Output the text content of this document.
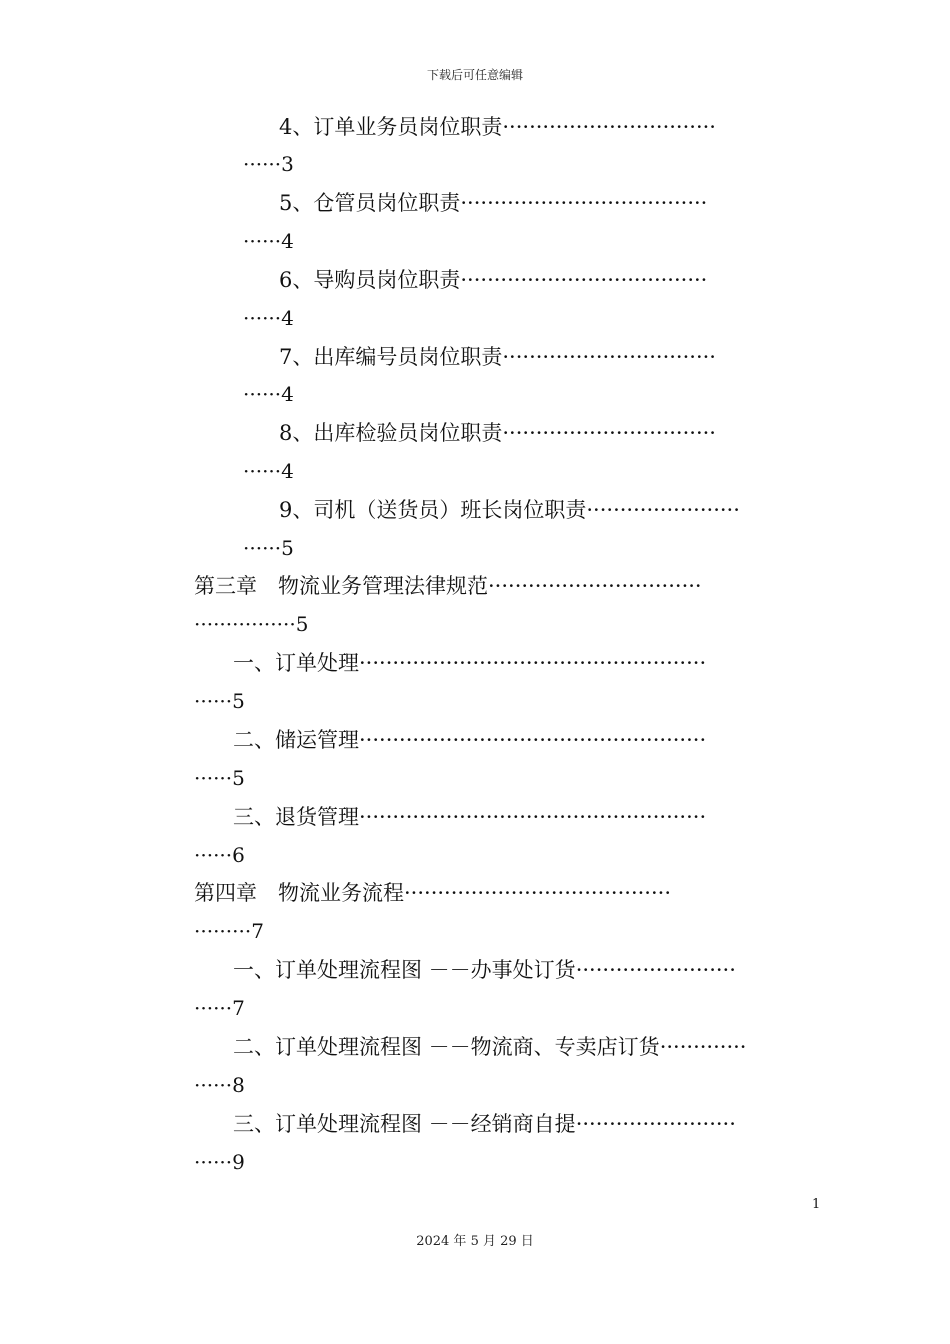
下载后可任意编辑
4、订单业务员岗位职责································
······3
5、仓管员岗位职责·····································
······4
6、导购员岗位职责·····································
······4
7、出库编号员岗位职责································
······4
8、出库检验员岗位职责································
······4
9、司机（送货员）班长岗位职责·······················
······5
第三章　物流业务管理法律规范································
················5
一、订单处理····················································
······5
二、储运管理····················································
······5
三、退货管理····················································
······6
第四章　物流业务流程········································
·········7
一、订单处理流程图 －－办事处订货························
······7
二、订单处理流程图 －－物流商、专卖店订货·············
······8
三、订单处理流程图 －－经销商自提························
······9
1
2024 年 5 月 29 日
